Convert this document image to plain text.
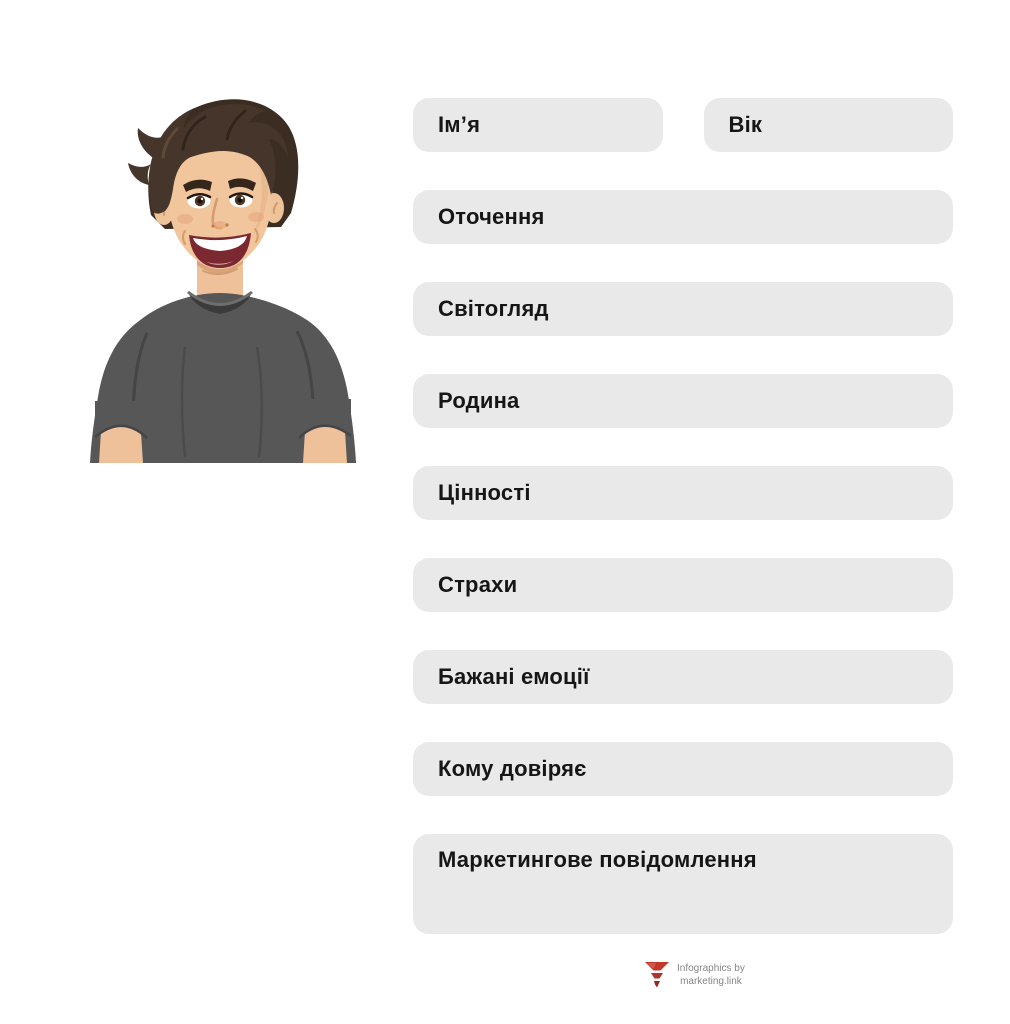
Ім’я	Вік
Оточення
Світогляд
Родина
Цінності
Страхи
Бажані емоції
Кому довіряє
Маркетингове повідомлення
Infographics by
marketing.link
